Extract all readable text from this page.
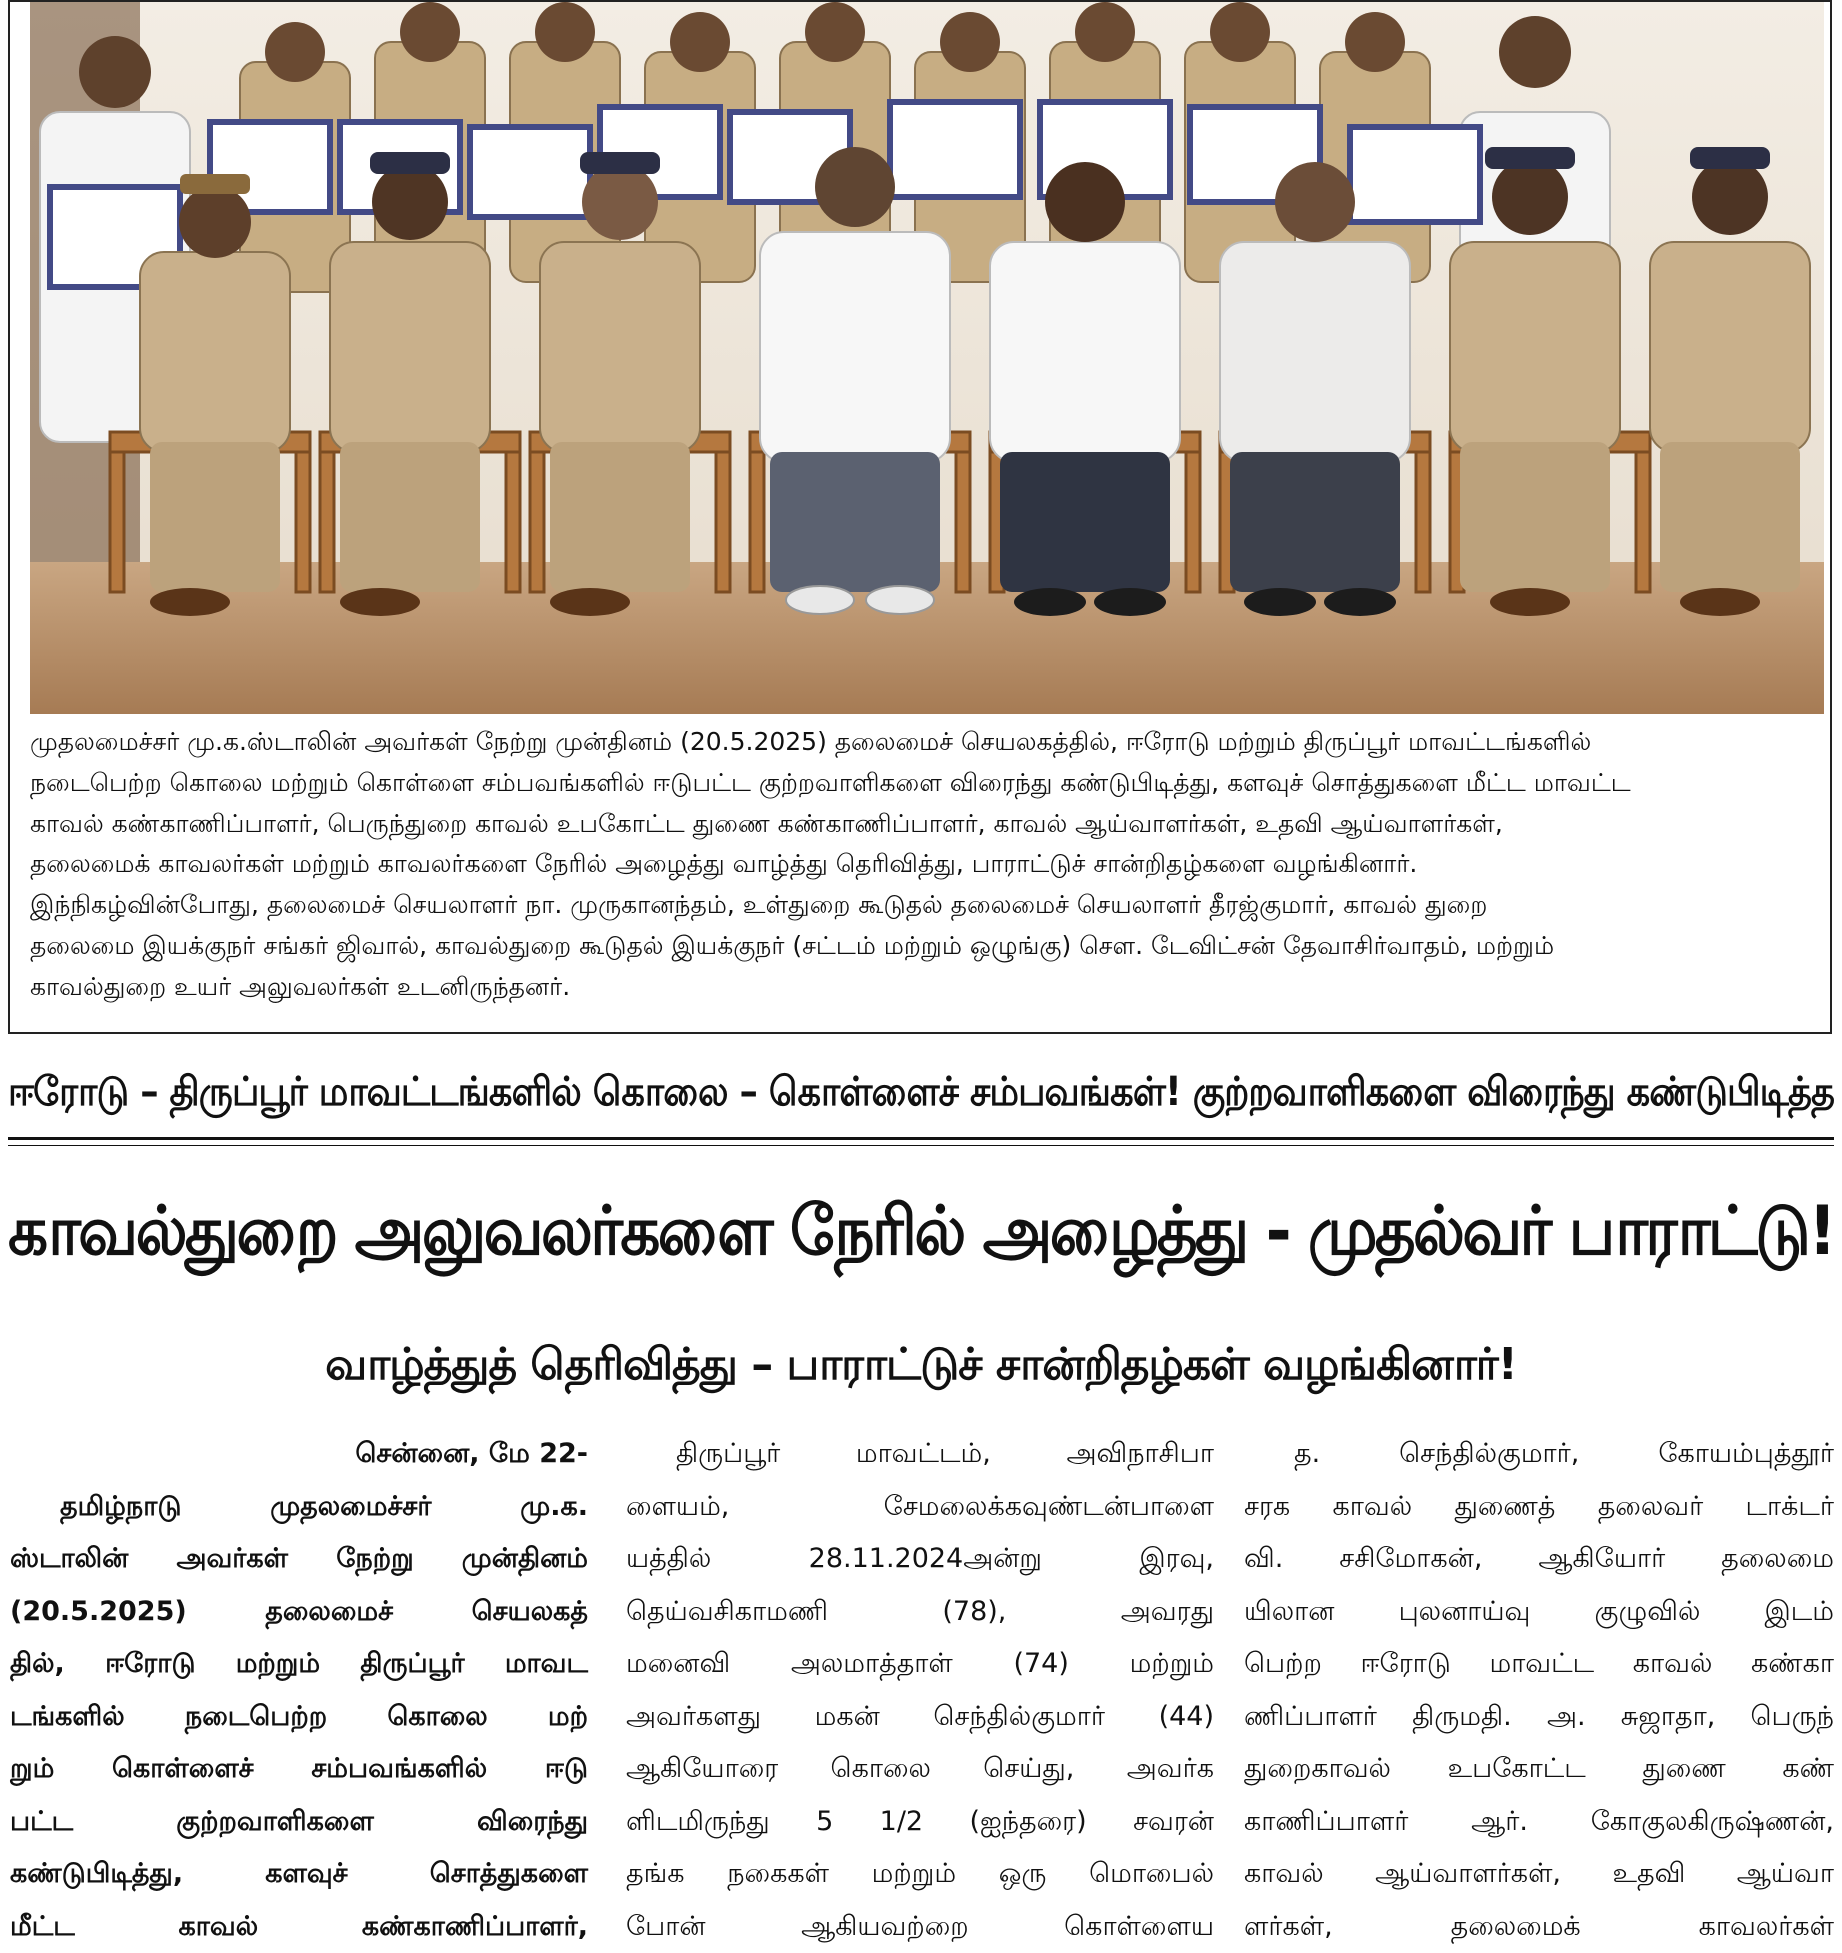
முதலமைச்சர் மு.க.ஸ்டாலின் அவர்கள் நேற்று முன்தினம் (20.5.2025) தலைமைச் செயலகத்தில், ஈரோடு மற்றும் திருப்பூர் மாவட்டங்களில்
நடைபெற்ற கொலை மற்றும் கொள்ளை சம்பவங்களில் ஈடுபட்ட குற்றவாளிகளை விரைந்து கண்டுபிடித்து, களவுச் சொத்துகளை மீட்ட மாவட்ட
காவல் கண்காணிப்பாளர், பெருந்துறை காவல் உபகோட்ட துணை கண்காணிப்பாளர், காவல் ஆய்வாளர்கள், உதவி ஆய்வாளர்கள்,
தலைமைக் காவலர்கள் மற்றும் காவலர்களை நேரில் அழைத்து வாழ்த்து தெரிவித்து, பாராட்டுச் சான்றிதழ்களை வழங்கினார்.
இந்நிகழ்வின்போது, தலைமைச் செயலாளர் நா. முருகானந்தம், உள்துறை கூடுதல் தலைமைச் செயலாளர் தீரஜ்குமார், காவல் துறை
தலைமை இயக்குநர் சங்கர் ஜிவால், காவல்துறை கூடுதல் இயக்குநர் (சட்டம் மற்றும் ஒழுங்கு) செள. டேவிட்சன் தேவாசிர்வாதம், மற்றும்
காவல்துறை உயர் அலுவலர்கள் உடனிருந்தனர்.
ஈரோடு – திருப்பூர் மாவட்டங்களில் கொலை – கொள்ளைச் சம்பவங்கள்! குற்றவாளிகளை விரைந்து கண்டுபிடித்த
காவல்துறை அலுவலர்களை நேரில் அழைத்து - முதல்வர் பாராட்டு!
வாழ்த்துத் தெரிவித்து – பாராட்டுச் சான்றிதழ்கள் வழங்கினார்!
சென்னை, மே 22-
தமிழ்நாடு முதலமைச்சர் மு.க.
ஸ்டாலின் அவர்கள் நேற்று முன்தினம்
(20.5.2025) தலைமைச் செயலகத்
தில், ஈரோடு மற்றும் திருப்பூர் மாவட
டங்களில் நடைபெற்ற கொலை மற்
றும் கொள்ளைச் சம்பவங்களில் ஈடு
பட்ட குற்றவாளிகளை விரைந்து
கண்டுபிடித்து, களவுச் சொத்துகளை
மீட்ட காவல் கண்காணிப்பாளர்,
திருப்பூர் மாவட்டம், அவிநாசிபா
ளையம், சேமலைக்கவுண்டன்பாளை
யத்தில் 28.11.2024அன்று இரவு,
தெய்வசிகாமணி (78), அவரது
மனைவி அலமாத்தாள் (74) மற்றும்
அவர்களது மகன் செந்தில்குமார் (44)
ஆகியோரை கொலை செய்து, அவர்க
ளிடமிருந்து 5 1/2 (ஐந்தரை) சவரன்
தங்க நகைகள் மற்றும் ஒரு மொபைல்
போன் ஆகியவற்றை கொள்ளைய
த. செந்தில்குமார், கோயம்புத்தூர்
சரக காவல் துணைத் தலைவர் டாக்டர்
வி. சசிமோகன், ஆகியோர் தலைமை
யிலான புலனாய்வு குழுவில் இடம்
பெற்ற ஈரோடு மாவட்ட காவல் கண்கா
ணிப்பாளர் திருமதி. அ. சுஜாதா, பெருந்
துறைகாவல் உபகோட்ட துணை கண்
காணிப்பாளர் ஆர். கோகுலகிருஷ்ணன்,
காவல் ஆய்வாளர்கள், உதவி ஆய்வா
ளர்கள், தலைமைக் காவலர்கள்
